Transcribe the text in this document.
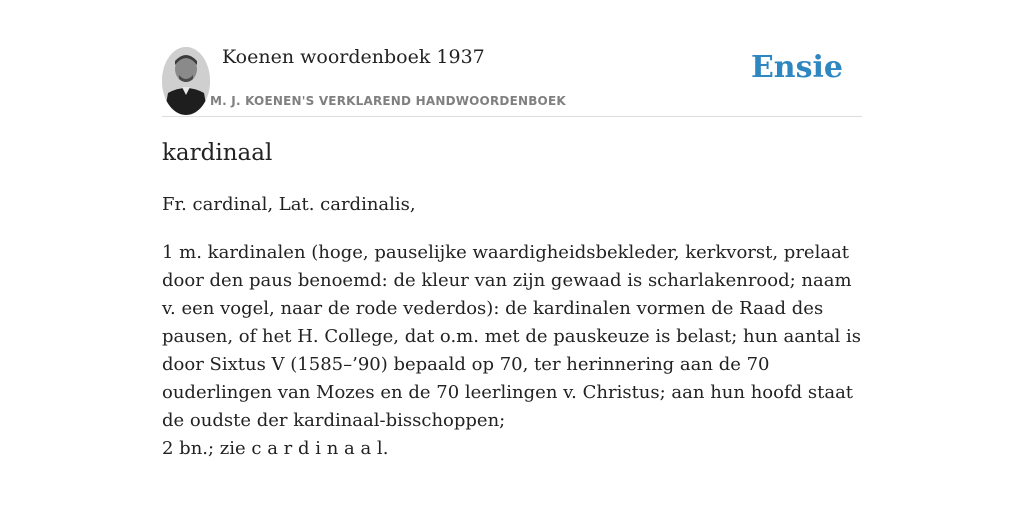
Koenen woordenboek 1937
M. J. KOENEN'S VERKLAREND HANDWOORDENBOEK
Ensie
kardinaal
Fr. cardinal, Lat. cardinalis,

1 m. kardinalen (hoge, pauselijke waardigheidsbekleder, kerkvorst, prelaat door den paus benoemd: de kleur van zijn gewaad is scharlakenrood; naam v. een vogel, naar de rode vederdos): de kardinalen vormen de Raad des pausen, of het H. College, dat o.m. met de pauskeuze is belast; hun aantal is door Sixtus V (1585–’90) bepaald op 70, ter herinnering aan de 70 ouderlingen van Mozes en de 70 leerlingen v. Christus; aan hun hoofd staat de oudste der kardinaal-bisschoppen;

2 bn.; zie c a r d i n a a l.
